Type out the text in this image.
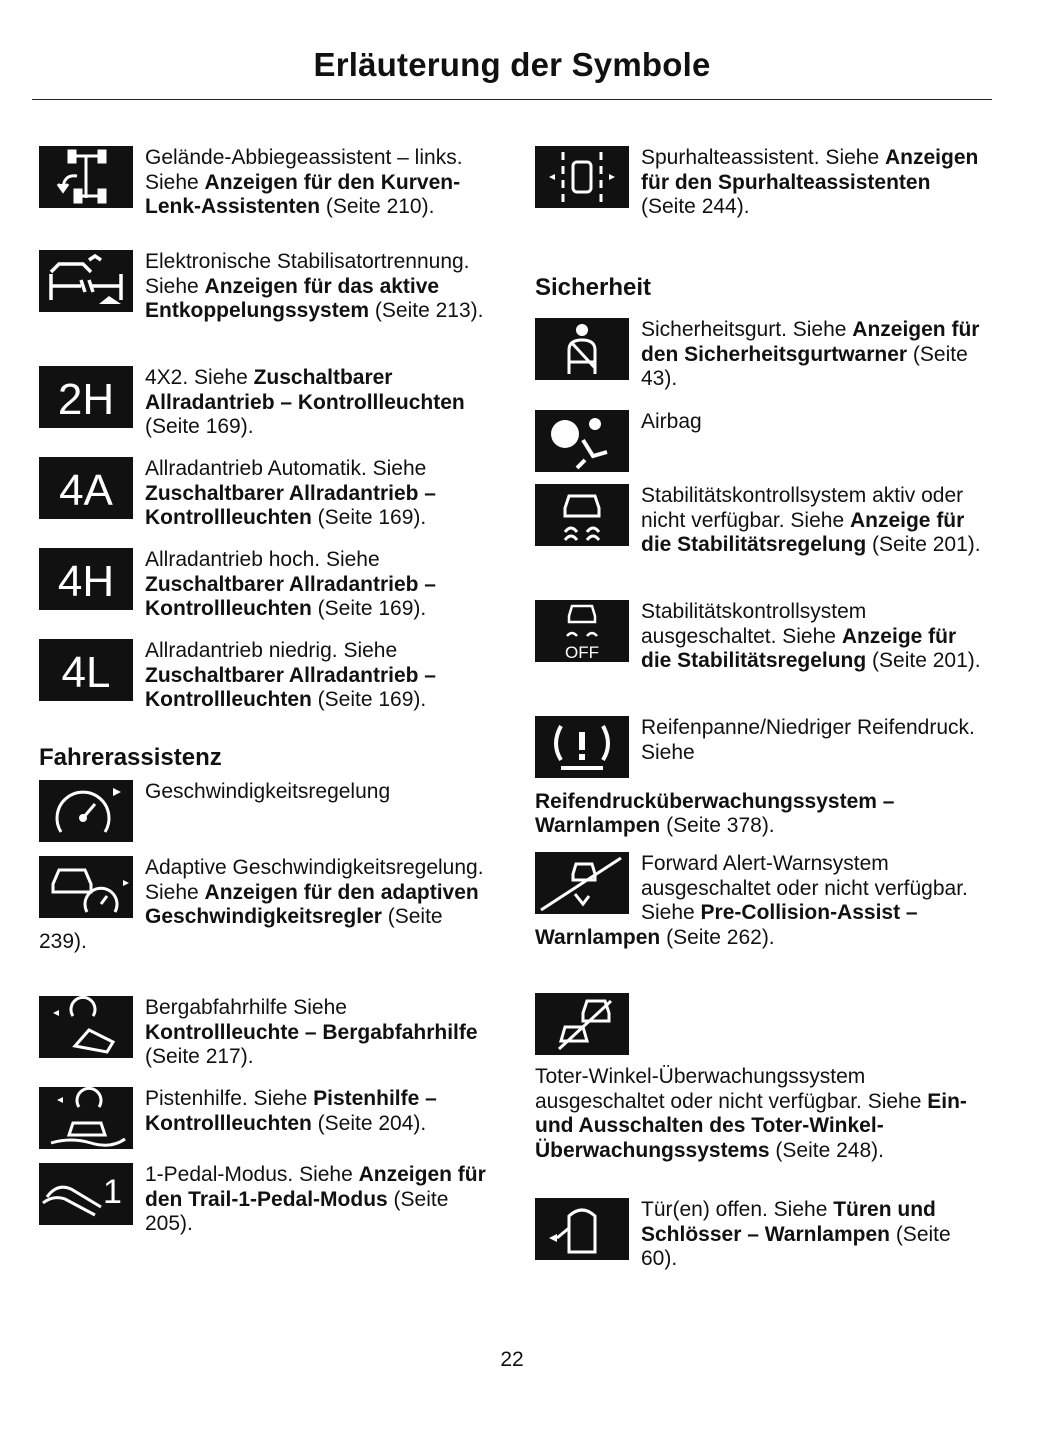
Erläuterung der Symbole
Gelände-Abbiegeassistent – links. Siehe Anzeigen für den Kurven-Lenk-Assistenten (Seite 210).
Elektronische Stabilisatortrennung. Siehe Anzeigen für das aktive Entkoppelungssystem (Seite 213).
2H 4X2. Siehe Zuschaltbarer Allradantrieb – Kontrollleuchten (Seite 169).
4A Allradantrieb Automatik. Siehe Zuschaltbarer Allradantrieb – Kontrollleuchten (Seite 169).
4H Allradantrieb hoch. Siehe Zuschaltbarer Allradantrieb – Kontrollleuchten (Seite 169).
4L Allradantrieb niedrig. Siehe Zuschaltbarer Allradantrieb – Kontrollleuchten (Seite 169).
Fahrerassistenz
Geschwindigkeitsregelung
Adaptive Geschwindigkeitsregelung. Siehe Anzeigen für den adaptiven Geschwindigkeitsregler (Seite 239).
Bergabfahrhilfe Siehe Kontrollleuchte – Bergabfahrhilfe (Seite 217).
Pistenhilfe. Siehe Pistenhilfe – Kontrollleuchten (Seite 204).
1 1-Pedal-Modus. Siehe Anzeigen für den Trail-1-Pedal-Modus (Seite 205).
Spurhalteassistent. Siehe Anzeigen für den Spurhalteassistenten (Seite 244).
Sicherheit
Sicherheitsgurt. Siehe Anzeigen für den Sicherheitsgurtwarner (Seite 43).
Airbag
Stabilitätskontrollsystem aktiv oder nicht verfügbar. Siehe Anzeige für die Stabilitätsregelung (Seite 201).
OFF
Stabilitätskontrollsystem ausgeschaltet. Siehe Anzeige für die Stabilitätsregelung (Seite 201).
Reifenpanne/Niedriger Reifendruck. Siehe

Reifendrucküberwachungssystem – Warnlampen (Seite 378).
Forward Alert-Warnsystem ausgeschaltet oder nicht verfügbar. Siehe Pre-Collision-Assist – Warnlampen (Seite 262).
Toter-Winkel-Überwachungssystem ausgeschaltet oder nicht verfügbar. Siehe Ein- und Ausschalten des Toter-Winkel-Überwachungssystems (Seite 248).
Tür(en) offen. Siehe Türen und Schlösser – Warnlampen (Seite 60).
22
